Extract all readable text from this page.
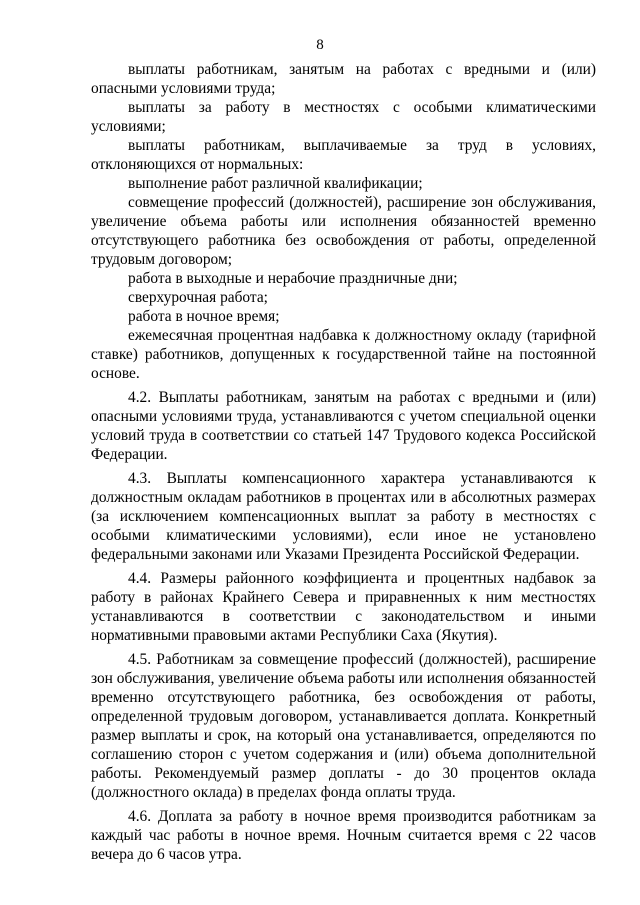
8

выплаты работникам, занятым на работах с вредными и (или) опасными условиями труда;

выплаты за работу в местностях с особыми климатическими условиями;

выплаты работникам, выплачиваемые за труд в условиях, отклоняющихся от нормальных:

выполнение работ различной квалификации;

совмещение профессий (должностей), расширение зон обслуживания, увеличение объема работы или исполнения обязанностей временно отсутствующего работника без освобождения от работы, определенной трудовым договором;

работа в выходные и нерабочие праздничные дни;

сверхурочная работа;

работа в ночное время;

ежемесячная процентная надбавка к должностному окладу (тарифной ставке) работников, допущенных к государственной тайне на постоянной основе.

4.2. Выплаты работникам, занятым на работах с вредными и (или) опасными условиями труда, устанавливаются с учетом специальной оценки условий труда в соответствии со статьей 147 Трудового кодекса Российской Федерации.

4.3. Выплаты компенсационного характера устанавливаются к должностным окладам работников в процентах или в абсолютных размерах (за исключением компенсационных выплат за работу в местностях с особыми климатическими условиями), если иное не установлено федеральными законами или Указами Президента Российской Федерации.

4.4. Размеры районного коэффициента и процентных надбавок за работу в районах Крайнего Севера и приравненных к ним местностях устанавливаются в соответствии с законодательством и иными нормативными правовыми актами Республики Саха (Якутия).

4.5. Работникам за совмещение профессий (должностей), расширение зон обслуживания, увеличение объема работы или исполнения обязанностей временно отсутствующего работника, без освобождения от работы, определенной трудовым договором, устанавливается доплата. Конкретный размер выплаты и срок, на который она устанавливается, определяются по соглашению сторон с учетом содержания и (или) объема дополнительной работы. Рекомендуемый размер доплаты - до 30 процентов оклада (должностного оклада) в пределах фонда оплаты труда.

4.6. Доплата за работу в ночное время производится работникам за каждый час работы в ночное время. Ночным считается время с 22 часов вечера до 6 часов утра.
